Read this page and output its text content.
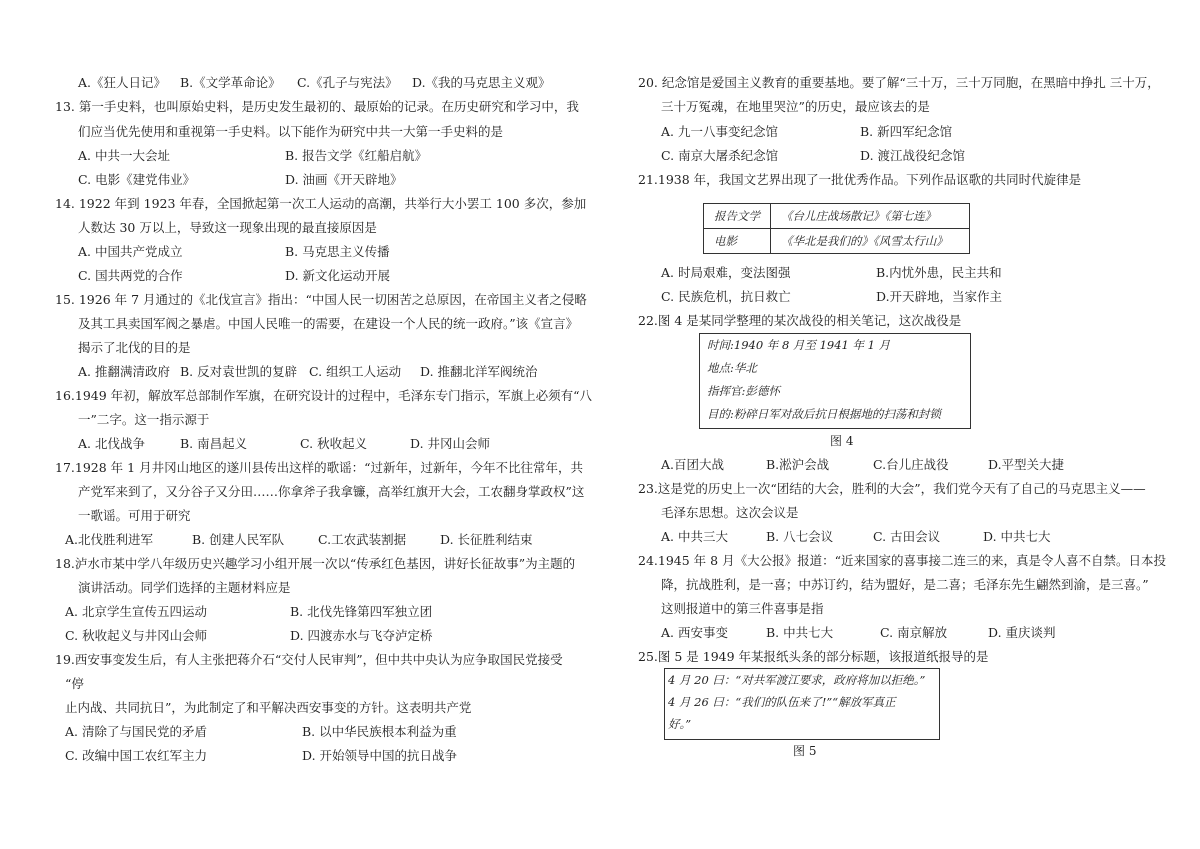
A.《狂人日记》 B.《文学革命论》 C.《孔子与宪法》 D.《我的马克思主义观》
13. 第一手史料，也叫原始史料，是历史发生最初的、最原始的记录。在历史研究和学习中，我
们应当优先使用和重视第一手史料。以下能作为研究中共一大第一手史料的是
A. 中共一大会址	B. 报告文学《红船启航》
C. 电影《建党伟业》	D. 油画《开天辟地》
14. 1922 年到 1923 年春，全国掀起第一次工人运动的高潮，共举行大小罢工 100 多次，参加
人数达 30 万以上，导致这一现象出现的最直接原因是
A. 中国共产党成立	B. 马克思主义传播
C. 国共两党的合作	D. 新文化运动开展
15. 1926 年 7 月通过的《北伐宣言》指出：“中国人民一切困苦之总原因，在帝国主义者之侵略
及其工具卖国军阀之暴虐。中国人民唯一的需要，在建设一个人民的统一政府。”该《宣言》
揭示了北伐的目的是
A. 推翻满清政府 B. 反对袁世凯的复辟 C. 组织工人运动 D. 推翻北洋军阀统治
16.1949 年初，解放军总部制作军旗，在研究设计的过程中，毛泽东专门指示，军旗上必须有“八
一”二字。这一指示源于
A. 北伐战争	B. 南昌起义	C. 秋收起义	D. 井冈山会师
17.1928 年 1 月井冈山地区的遂川县传出这样的歌谣：“过新年，过新年，今年不比往常年，共
产党军来到了，又分谷子又分田……你拿斧子我拿镰，高举红旗开大会，工农翻身掌政权”这
一歌谣。可用于研究
A.北伐胜利进军	B. 创建人民军队	C.工农武装割据	D. 长征胜利结束
18.泸水市某中学八年级历史兴趣学习小组开展一次以“传承红色基因，讲好长征故事”为主题的
演讲活动。同学们选择的主题材料应是
A. 北京学生宣传五四运动	B. 北伐先锋第四军独立团
C. 秋收起义与井冈山会师	D. 四渡赤水与飞夺泸定桥
19.西安事变发生后，有人主张把蒋介石“交付人民审判”，但中共中央认为应争取国民党接受
“停
止内战、共同抗日”，为此制定了和平解决西安事变的方针。这表明共产党
A. 清除了与国民党的矛盾	B. 以中华民族根本利益为重
C. 改编中国工农红军主力	D. 开始领导中国的抗日战争
20. 纪念馆是爱国主义教育的重要基地。要了解“三十万，三十万同胞，在黑暗中挣扎 三十万，
三十万冤魂，在地里哭泣”的历史，最应该去的是
A. 九一八事变纪念馆	B. 新四军纪念馆
C. 南京大屠杀纪念馆	D. 渡江战役纪念馆
21.1938 年，我国文艺界出现了一批优秀作品。下列作品讴歌的共同时代旋律是
报告文学	《台儿庄战场散记》《第七连》
电影	《华北是我们的》《风雪太行山》
A. 时局艰难，变法图强	B.内忧外患，民主共和
C. 民族危机，抗日救亡	D.开天辟地，当家作主
22.图 4 是某同学整理的某次战役的相关笔记，这次战役是
时间:1940 年 8 月至 1941 年 1 月
地点:华北
指挥官:彭德怀
目的:粉碎日军对敌后抗日根据地的扫荡和封锁
图 4
A.百团大战	B.淞沪会战	C.台儿庄战役	D.平型关大捷
23.这是党的历史上一次“团结的大会，胜利的大会”，我们党今天有了自己的马克思主义——
毛泽东思想。这次会议是
A. 中共三大	B. 八七会议	C. 古田会议	D. 中共七大
24.1945 年 8 月《大公报》报道：“近来国家的喜事接二连三的来，真是令人喜不自禁。日本投
降，抗战胜利，是一喜；中苏订约，结为盟好，是二喜；毛泽东先生翩然到渝，是三喜。”
这则报道中的第三件喜事是指
A. 西安事变	B. 中共七大	C. 南京解放	D. 重庆谈判
25.图 5 是 1949 年某报纸头条的部分标题，该报道纸报导的是
4 月 20 曰：“对共军渡江要求，政府将加以拒绝。”
4 月 26 曰：“我们的队伍来了!”“解放军真正
好。”
图 5
